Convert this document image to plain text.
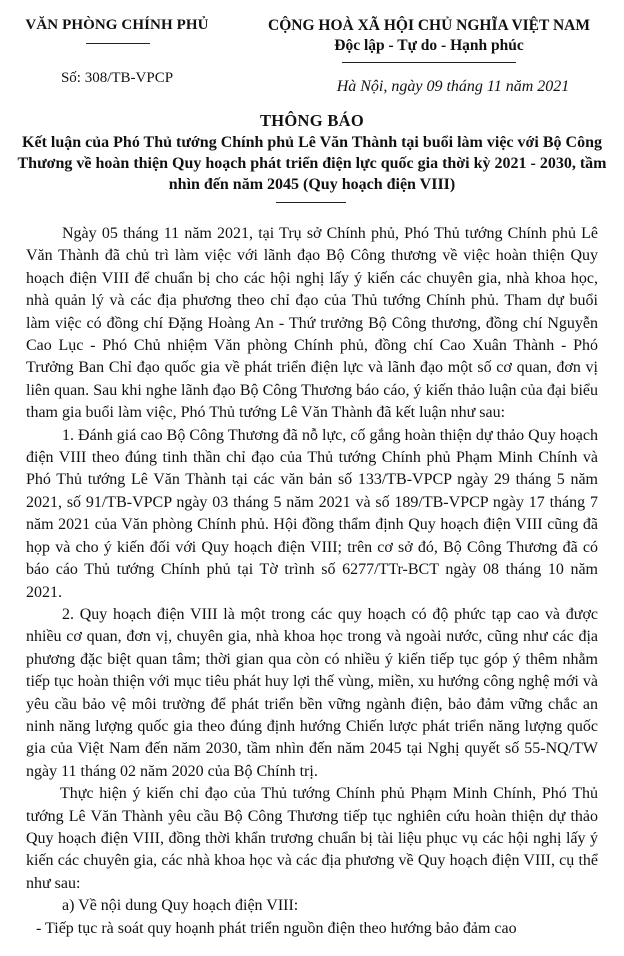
VĂN PHÒNG CHÍNH PHỦ	CỘNG HOÀ XÃ HỘI CHỦ NGHĨA VIỆT NAM
Độc lập - Tự do - Hạnh phúc
Số: 308/TB-VPCP	Hà Nội, ngày 09 tháng 11 năm 2021
THÔNG BÁO
Kết luận của Phó Thủ tướng Chính phủ Lê Văn Thành tại buổi làm việc với Bộ Công Thương về hoàn thiện Quy hoạch phát triển điện lực quốc gia thời kỳ 2021 - 2030, tầm nhìn đến năm 2045 (Quy hoạch điện VIII)

Ngày 05 tháng 11 năm 2021, tại Trụ sở Chính phủ, Phó Thủ tướng Chính phủ Lê Văn Thành đã chủ trì làm việc với lãnh đạo Bộ Công thương về việc hoàn thiện Quy hoạch điện VIII để chuẩn bị cho các hội nghị lấy ý kiến các chuyên gia, nhà khoa học, nhà quản lý và các địa phương theo chỉ đạo của Thủ tướng Chính phủ. Tham dự buổi làm việc có đồng chí Đặng Hoàng An - Thứ trưởng Bộ Công thương, đồng chí Nguyễn Cao Lục - Phó Chủ nhiệm Văn phòng Chính phủ, đồng chí Cao Xuân Thành - Phó Trưởng Ban Chỉ đạo quốc gia về phát triển điện lực và lãnh đạo một số cơ quan, đơn vị liên quan. Sau khi nghe lãnh đạo Bộ Công Thương báo cáo, ý kiến thảo luận của đại biểu tham gia buổi làm việc, Phó Thủ tướng Lê Văn Thành đã kết luận như sau:

1. Đánh giá cao Bộ Công Thương đã nỗ lực, cố gắng hoàn thiện dự thảo Quy hoạch điện VIII theo đúng tinh thần chỉ đạo của Thủ tướng Chính phủ Phạm Minh Chính và Phó Thủ tướng Lê Văn Thành tại các văn bản số 133/TB-VPCP ngày 29 tháng 5 năm 2021, số 91/TB-VPCP ngày 03 tháng 5 năm 2021 và số 189/TB-VPCP ngày 17 tháng 7 năm 2021 của Văn phòng Chính phủ. Hội đồng thẩm định Quy hoạch điện VIII cũng đã họp và cho ý kiến đối với Quy hoạch điện VIII; trên cơ sở đó, Bộ Công Thương đã có báo cáo Thủ tướng Chính phủ tại Tờ trình số 6277/TTr-BCT ngày 08 tháng 10 năm 2021.

2. Quy hoạch điện VIII là một trong các quy hoạch có độ phức tạp cao và được nhiều cơ quan, đơn vị, chuyên gia, nhà khoa học trong và ngoài nước, cũng như các địa phương đặc biệt quan tâm; thời gian qua còn có nhiều ý kiến tiếp tục góp ý thêm nhằm tiếp tục hoàn thiện với mục tiêu phát huy lợi thế vùng, miền, xu hướng công nghệ mới và yêu cầu bảo vệ môi trường để phát triển bền vững ngành điện, bảo đảm vững chắc an ninh năng lượng quốc gia theo đúng định hướng Chiến lược phát triển năng lượng quốc gia của Việt Nam đến năm 2030, tầm nhìn đến năm 2045 tại Nghị quyết số 55-NQ/TW ngày 11 tháng 02 năm 2020 của Bộ Chính trị.

Thực hiện ý kiến chỉ đạo của Thủ tướng Chính phủ Phạm Minh Chính, Phó Thủ tướng Lê Văn Thành yêu cầu Bộ Công Thương tiếp tục nghiên cứu hoàn thiện dự thảo Quy hoạch điện VIII, đồng thời khẩn trương chuẩn bị tài liệu phục vụ các hội nghị lấy ý kiến các chuyên gia, các nhà khoa học và các địa phương về Quy hoạch điện VIII, cụ thể như sau:

a) Về nội dung Quy hoạch điện VIII:

- Tiếp tục rà soát quy hoạnh phát triển nguồn điện theo hướng bảo đảm cao
